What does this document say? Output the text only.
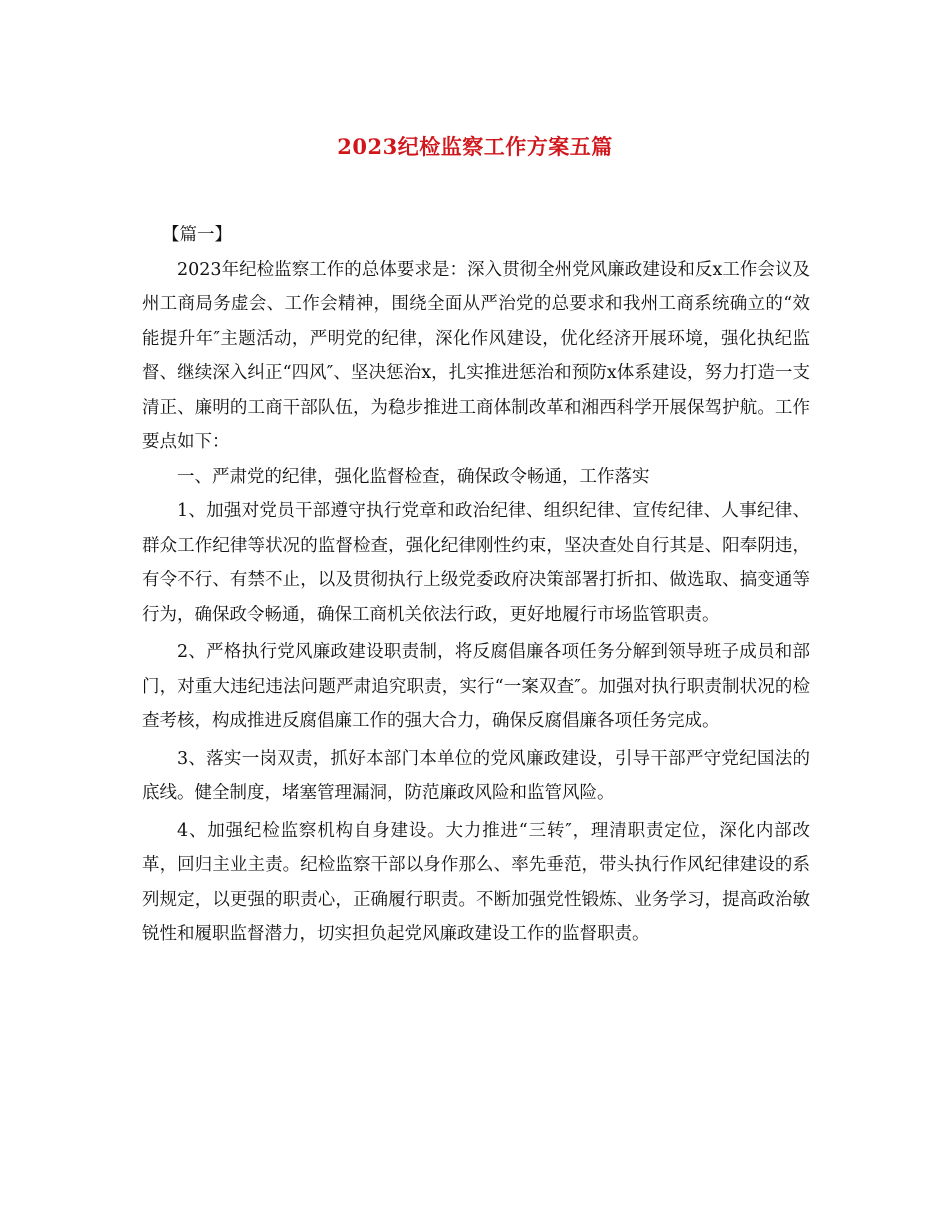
2023纪检监察工作方案五篇
【篇一】

2023年纪检监察工作的总体要求是：深入贯彻全州党风廉政建设和反x工作会议及州工商局务虚会、工作会精神，围绕全面从严治党的总要求和我州工商系统确立的“效能提升年″主题活动，严明党的纪律，深化作风建设，优化经济开展环境，强化执纪监督、继续深入纠正“四风″、坚决惩治x，扎实推进惩治和预防x体系建设，努力打造一支清正、廉明的工商干部队伍，为稳步推进工商体制改革和湘西科学开展保驾护航。工作要点如下：

一、严肃党的纪律，强化监督检查，确保政令畅通，工作落实

1、加强对党员干部遵守执行党章和政治纪律、组织纪律、宣传纪律、人事纪律、群众工作纪律等状况的监督检查，强化纪律刚性约束，坚决查处自行其是、阳奉阴违，有令不行、有禁不止，以及贯彻执行上级党委政府决策部署打折扣、做选取、搞变通等行为，确保政令畅通，确保工商机关依法行政，更好地履行市场监管职责。

2、严格执行党风廉政建设职责制，将反腐倡廉各项任务分解到领导班子成员和部门，对重大违纪违法问题严肃追究职责，实行“一案双查″。加强对执行职责制状况的检查考核，构成推进反腐倡廉工作的强大合力，确保反腐倡廉各项任务完成。

3、落实一岗双责，抓好本部门本单位的党风廉政建设，引导干部严守党纪国法的底线。健全制度，堵塞管理漏洞，防范廉政风险和监管风险。

4、加强纪检监察机构自身建设。大力推进“三转″，理清职责定位，深化内部改革，回归主业主责。纪检监察干部以身作那么、率先垂范，带头执行作风纪律建设的系列规定，以更强的职责心，正确履行职责。不断加强党性锻炼、业务学习，提高政治敏锐性和履职监督潜力，切实担负起党风廉政建设工作的监督职责。
